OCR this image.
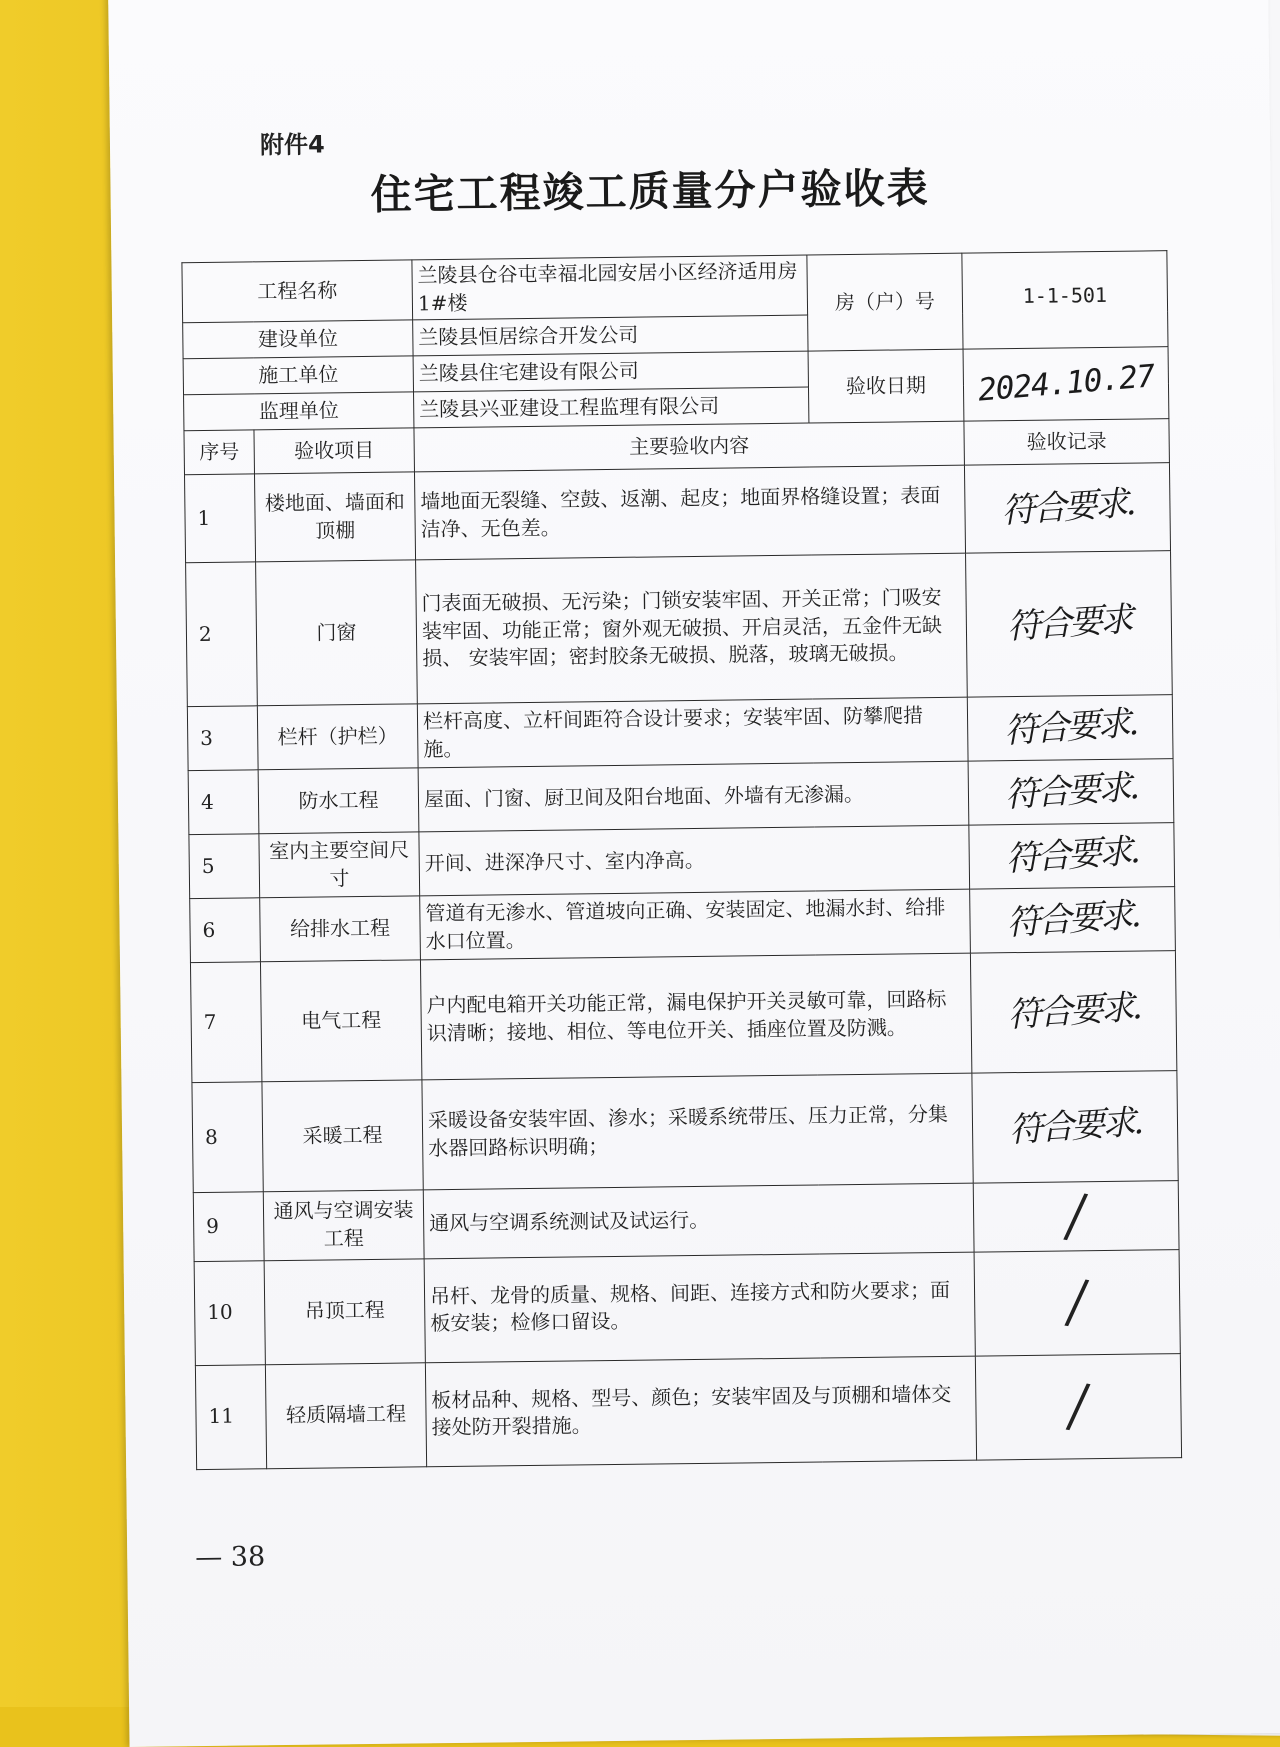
附件4
住宅工程竣工质量分户验收表
工程名称		兰陵县仓谷屯幸福北园安居小区经济适用房1#楼	房（户）号	1-1-501
建设单位		兰陵县恒居综合开发公司		
施工单位		兰陵县住宅建设有限公司	验收日期	2024.10.27
监理单位		兰陵县兴亚建设工程监理有限公司		
序号	验收项目	主要验收内容		验收记录
1	楼地面、墙面和顶棚	墙地面无裂缝、空鼓、返潮、起皮；地面界格缝设置；表面洁净、无色差。		符合要求.
2	门窗	门表面无破损、无污染；门锁安装牢固、开关正常；门吸安装牢固、功能正常；窗外观无破损、开启灵活，五金件无缺损、 安装牢固；密封胶条无破损、脱落，玻璃无破损。		符合要求
3	栏杆（护栏）	栏杆高度、立杆间距符合设计要求；安装牢固、防攀爬措施。		符合要求.
4	防水工程	屋面、门窗、厨卫间及阳台地面、外墙有无渗漏。		符合要求.
5	室内主要空间尺寸	开间、进深净尺寸、室内净高。		符合要求.
6	给排水工程	管道有无渗水、管道坡向正确、安装固定、地漏水封、给排水口位置。		符合要求.
7	电气工程	户内配电箱开关功能正常，漏电保护开关灵敏可靠，回路标识清晰；接地、相位、等电位开关、插座位置及防溅。		符合要求.
8	采暖工程	采暖设备安装牢固、渗水；采暖系统带压、压力正常，分集水器回路标识明确；		符合要求.
9	通风与空调安装工程	通风与空调系统测试及试运行。		/
10	吊顶工程	吊杆、龙骨的质量、规格、间距、连接方式和防火要求；面板安装；检修口留设。		/
11	轻质隔墙工程	板材品种、规格、型号、颜色；安装牢固及与顶棚和墙体交接处防开裂措施。		/
— 38
